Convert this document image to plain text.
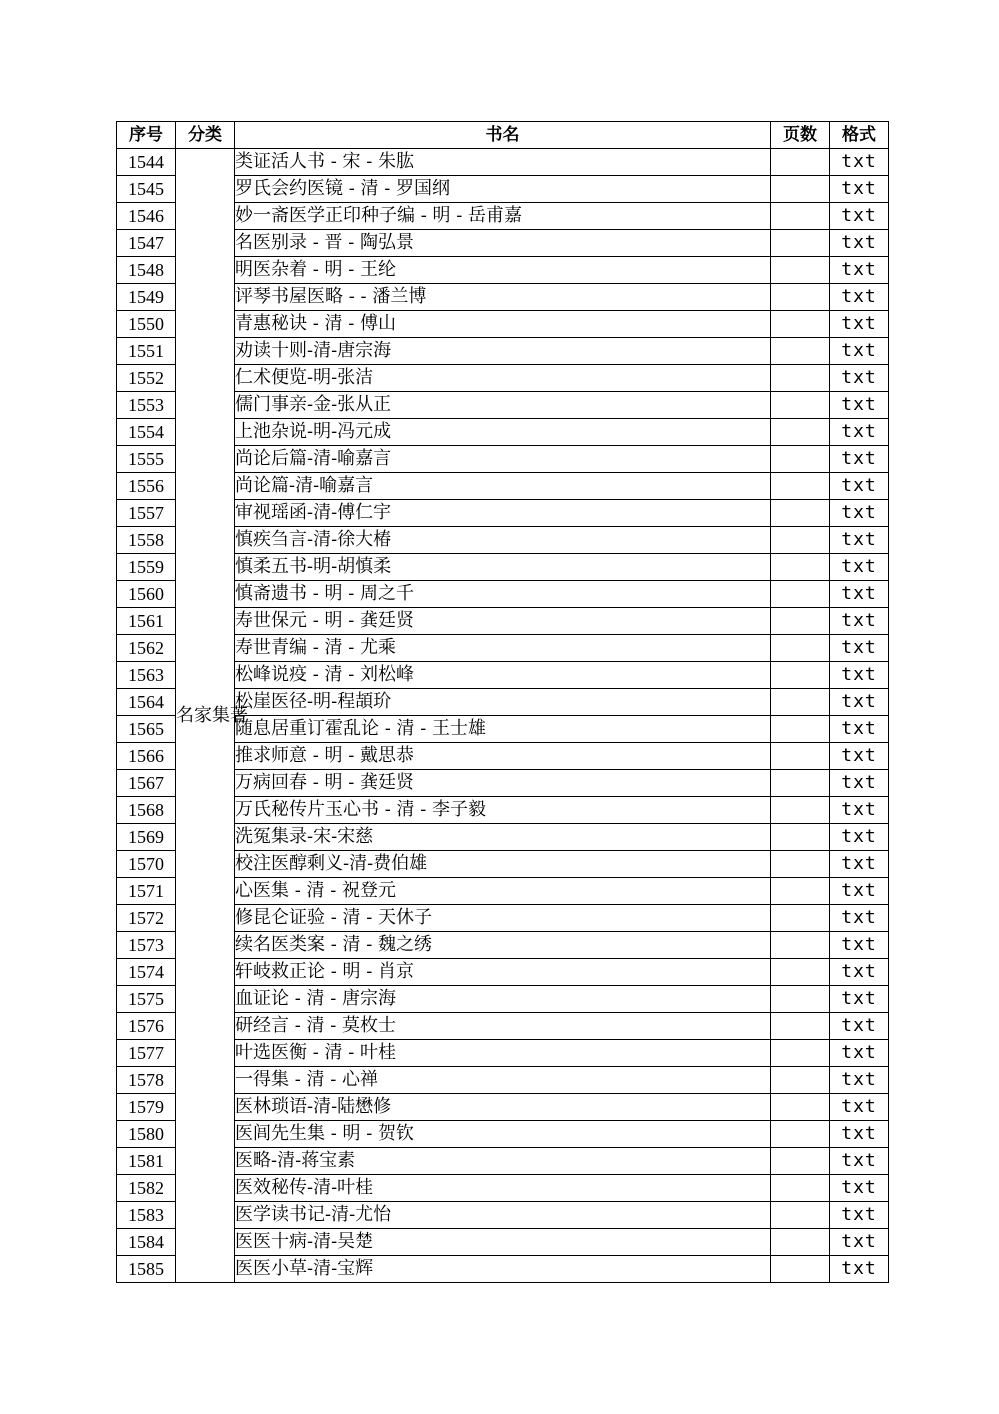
序号	分类	书名	页数	格式
1544	名家集著	类证活人书 - 宋 - 朱肱		txt
1545		罗氏会约医镜 - 清 - 罗国纲		txt
1546		妙一斋医学正印种子编 - 明 - 岳甫嘉		txt
1547		名医别录 - 晋 - 陶弘景		txt
1548		明医杂着 - 明 - 王纶		txt
1549		评琴书屋医略 - - 潘兰博		txt
1550		青惠秘诀 - 清 - 傅山		txt
1551		劝读十则-清-唐宗海		txt
1552		仁术便览-明-张洁		txt
1553		儒门事亲-金-张从正		txt
1554		上池杂说-明-冯元成		txt
1555		尚论后篇-清-喻嘉言		txt
1556		尚论篇-清-喻嘉言		txt
1557		审视瑶函-清-傅仁宇		txt
1558		慎疾刍言-清-徐大椿		txt
1559		慎柔五书-明-胡慎柔		txt
1560		慎斋遗书 - 明 - 周之千		txt
1561		寿世保元 - 明 - 龚廷贤		txt
1562		寿世青编 - 清 - 尤乘		txt
1563		松峰说疫 - 清 - 刘松峰		txt
1564		松崖医径-明-程頡玠		txt
1565		随息居重订霍乱论 - 清 - 王士雄		txt
1566		推求师意 - 明 - 戴思恭		txt
1567		万病回春 - 明 - 龚廷贤		txt
1568		万氏秘传片玉心书 - 清 - 李子毅		txt
1569		洗冤集录-宋-宋慈		txt
1570		校注医醇剩义-清-费伯雄		txt
1571		心医集 - 清 - 祝登元		txt
1572		修昆仑证验 - 清 - 天休子		txt
1573		续名医类案 - 清 - 魏之绣		txt
1574		轩岐救正论 - 明 - 肖京		txt
1575		血证论 - 清 - 唐宗海		txt
1576		研经言 - 清 - 莫枚士		txt
1577		叶选医衡 - 清 - 叶桂		txt
1578		一得集 - 清 - 心禅		txt
1579		医林琐语-清-陆懋修		txt
1580		医闾先生集 - 明 - 贺钦		txt
1581		医略-清-蒋宝素		txt
1582		医效秘传-清-叶桂		txt
1583		医学读书记-清-尤怡		txt
1584		医医十病-清-吴楚		txt
1585		医医小草-清-宝辉		txt
